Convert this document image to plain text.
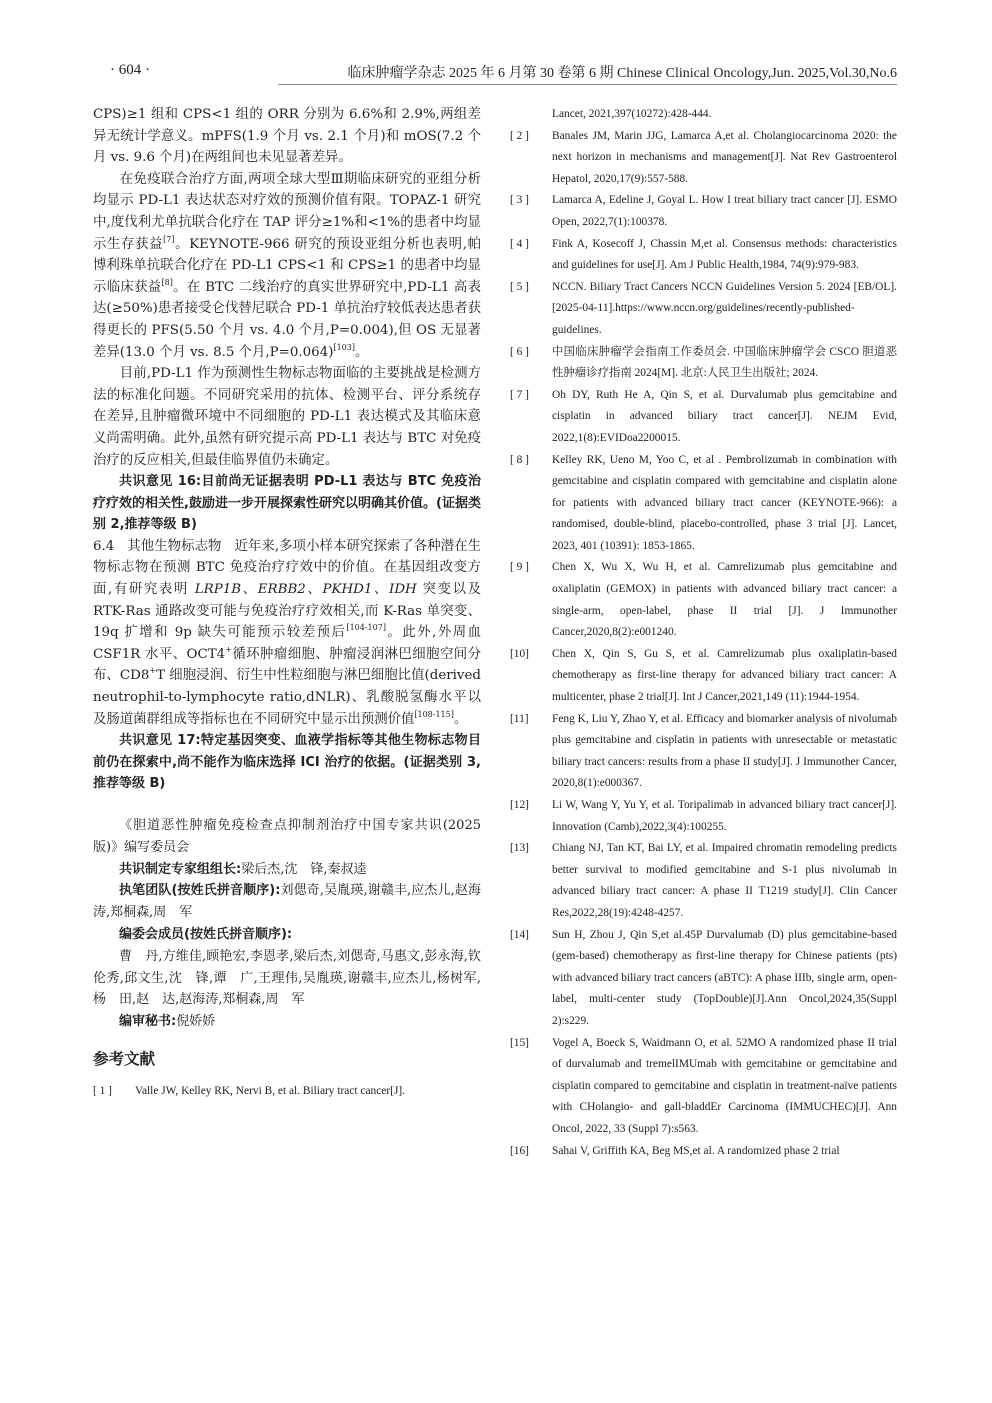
· 604 ·	临床肿瘤学杂志 2025 年 6 月第 30 卷第 6 期 Chinese Clinical Oncology,Jun. 2025,Vol.30,No.6

CPS)≥1 组和 CPS<1 组的 ORR 分别为 6.6%和 2.9%,两组差异无统计学意义。mPFS(1.9 个月 vs. 2.1 个月)和 mOS(7.2 个月 vs. 9.6 个月)在两组间也未见显著差异。

在免疫联合治疗方面,两项全球大型Ⅲ期临床研究的亚组分析均显示 PD-L1 表达状态对疗效的预测价值有限。TOPAZ-1 研究中,度伐利尤单抗联合化疗在 TAP 评分≥1%和<1%的患者中均显示生存获益[7]。KEYNOTE-966 研究的预设亚组分析也表明,帕博利珠单抗联合化疗在 PD-L1 CPS<1 和 CPS≥1 的患者中均显示临床获益[8]。在 BTC 二线治疗的真实世界研究中,PD-L1 高表达(≥50%)患者接受仑伐替尼联合 PD-1 单抗治疗较低表达患者获得更长的 PFS(5.50 个月 vs. 4.0 个月,P=0.004),但 OS 无显著差异(13.0 个月 vs. 8.5 个月,P=0.064)[103]。

目前,PD-L1 作为预测性生物标志物面临的主要挑战是检测方法的标准化问题。不同研究采用的抗体、检测平台、评分系统存在差异,且肿瘤微环境中不同细胞的 PD-L1 表达模式及其临床意义尚需明确。此外,虽然有研究提示高 PD-L1 表达与 BTC 对免疫治疗的反应相关,但最佳临界值仍未确定。

共识意见 16:目前尚无证据表明 PD-L1 表达与 BTC 免疫治疗疗效的相关性,鼓励进一步开展探索性研究以明确其价值。(证据类别 2,推荐等级 B)

6.4 其他生物标志物 近年来,多项小样本研究探索了各种潜在生物标志物在预测 BTC 免疫治疗疗效中的价值。在基因组改变方面,有研究表明 LRP1B、ERBB2、PKHD1、IDH 突变以及 RTK-Ras 通路改变可能与免疫治疗疗效相关,而 K-Ras 单突变、19q 扩增和 9p 缺失可能预示较差预后[104-107]。此外,外周血 CSF1R 水平、OCT4+循环肿瘤细胞、肿瘤浸润淋巴细胞空间分布、CD8+T 细胞浸润、衍生中性粒细胞与淋巴细胞比值(derived neutrophil-to-lymphocyte ratio,dNLR)、乳酸脱氢酶水平以及肠道菌群组成等指标也在不同研究中显示出预测价值[108-115]。

共识意见 17:特定基因突变、血液学指标等其他生物标志物目前仍在探索中,尚不能作为临床选择 ICI 治疗的依据。(证据类别 3,推荐等级 B)

《胆道恶性肿瘤免疫检查点抑制剂治疗中国专家共识(2025 版)》编写委员会

共识制定专家组组长:梁后杰,沈　锋,秦叔逵

执笔团队(按姓氏拼音顺序):刘偲奇,吴胤瑛,谢赣丰,应杰儿,赵海涛,郑桐森,周　军

编委会成员(按姓氏拼音顺序):

曹　丹,方维佳,顾艳宏,李恩孝,梁后杰,刘偲奇,马惠文,彭永海,钦伦秀,邱文生,沈　锋,谭　广,王理伟,吴胤瑛,谢赣丰,应杰儿,杨树军,杨　田,赵　达,赵海涛,郑桐森,周　军

编审秘书:倪娇娇

参考文献
[ 1 ]	Valle JW, Kelley RK, Nervi B, et al. Biliary tract cancer[J].
Lancet, 2021,397(10272):428-444.
[ 2 ]	Banales JM, Marin JJG, Lamarca A,et al. Cholangiocarcinoma 2020: the next horizon in mechanisms and management[J]. Nat Rev Gastroenterol Hepatol, 2020,17(9):557-588.
[ 3 ]	Lamarca A, Edeline J, Goyal L. How I treat biliary tract cancer [J]. ESMO Open, 2022,7(1):100378.
[ 4 ]	Fink A, Kosecoff J, Chassin M,et al. Consensus methods: characteristics and guidelines for use[J]. Am J Public Health,1984, 74(9):979-983.
[ 5 ]	NCCN. Biliary Tract Cancers NCCN Guidelines Version 5. 2024 [EB/OL]. [2025-04-11].https://www.nccn.org/guidelines/recently-published-guidelines.
[ 6 ]	中国临床肿瘤学会指南工作委员会. 中国临床肿瘤学会 CSCO 胆道恶性肿瘤诊疗指南 2024[M]. 北京:人民卫生出版社; 2024.
[ 7 ]	Oh DY, Ruth He A, Qin S, et al. Durvalumab plus gemcitabine and cisplatin in advanced biliary tract cancer[J]. NEJM Evid, 2022,1(8):EVIDoa2200015.
[ 8 ]	Kelley RK, Ueno M, Yoo C, et al . Pembrolizumab in combination with gemcitabine and cisplatin compared with gemcitabine and cisplatin alone for patients with advanced biliary tract cancer (KEYNOTE-966): a randomised, double-blind, placebo-controlled, phase 3 trial [J]. Lancet, 2023, 401 (10391): 1853-1865.
[ 9 ]	Chen X, Wu X, Wu H, et al. Camrelizumab plus gemcitabine and oxaliplatin (GEMOX) in patients with advanced biliary tract cancer: a single-arm, open-label, phase II trial [J]. J Immunother Cancer,2020,8(2):e001240.
[10]	Chen X, Qin S, Gu S, et al. Camrelizumab plus oxaliplatin-based chemotherapy as first-line therapy for advanced biliary tract cancer: A multicenter, phase 2 trial[J]. Int J Cancer,2021,149 (11):1944-1954.
[11]	Feng K, Liu Y, Zhao Y, et al. Efficacy and biomarker analysis of nivolumab plus gemcitabine and cisplatin in patients with unresectable or metastatic biliary tract cancers: results from a phase II study[J]. J Immunother Cancer, 2020,8(1):e000367.
[12]	Li W, Wang Y, Yu Y, et al. Toripalimab in advanced biliary tract cancer[J]. Innovation (Camb),2022,3(4):100255.
[13]	Chiang NJ, Tan KT, Bai LY, et al. Impaired chromatin remodeling predicts better survival to modified gemcitabine and S-1 plus nivolumab in advanced biliary tract cancer: A phase II T1219 study[J]. Clin Cancer Res,2022,28(19):4248-4257.
[14]	Sun H, Zhou J, Qin S,et al.45P Durvalumab (D) plus gemcitabine-based (gem-based) chemotherapy as first-line therapy for Chinese patients (pts) with advanced biliary tract cancers (aBTC): A phase IIIb, single arm, open-label, multi-center study (TopDouble)[J].Ann Oncol,2024,35(Suppl 2):s229.
[15]	Vogel A, Boeck S, Waidmann O, et al. 52MO A randomized phase II trial of durvalumab and tremelIMUmab with gemcitabine or gemcitabine and cisplatin compared to gemcitabine and cisplatin in treatment-naïve patients with CHolangio- and gall-bladdEr Carcinoma (IMMUCHEC)[J]. Ann Oncol, 2022, 33 (Suppl 7):s563.
[16]	Sahai V, Griffith KA, Beg MS,et al. A randomized phase 2 trial
